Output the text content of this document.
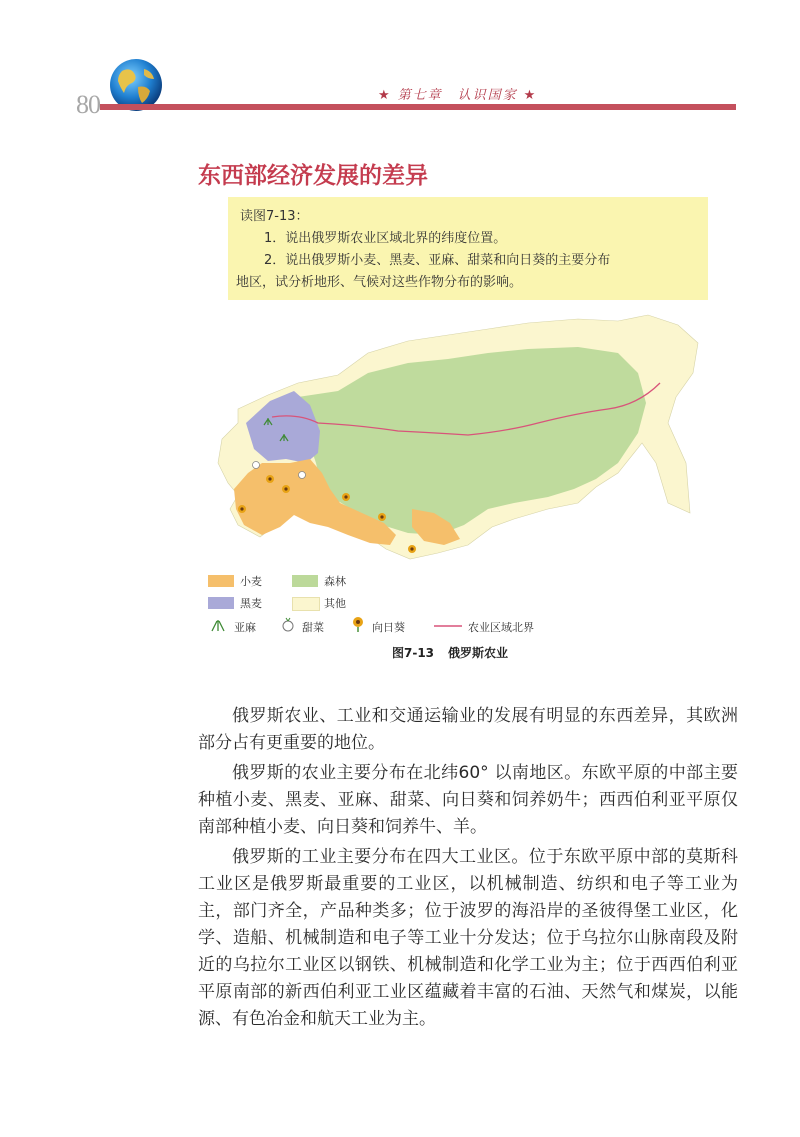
80	★ 第七章　认识国家 ★
东西部经济发展的差异

读图7-13：

1．说出俄罗斯农业区域北界的纬度位置。

2．说出俄罗斯小麦、黑麦、亚麻、甜菜和向日葵的主要分布

地区，试分析地形、气候对这些作物分布的影响。

小麦	森林
黑麦	其他
亚麻	甜菜	向日葵	农业区域北界
图7-13 俄罗斯农业

俄罗斯农业、工业和交通运输业的发展有明显的东西差异，其欧洲部分占有更重要的地位。

俄罗斯的农业主要分布在北纬60° 以南地区。东欧平原的中部主要种植小麦、黑麦、亚麻、甜菜、向日葵和饲养奶牛；西西伯利亚平原仅南部种植小麦、向日葵和饲养牛、羊。

俄罗斯的工业主要分布在四大工业区。位于东欧平原中部的莫斯科工业区是俄罗斯最重要的工业区，以机械制造、纺织和电子等工业为主，部门齐全，产品种类多；位于波罗的海沿岸的圣彼得堡工业区，化学、造船、机械制造和电子等工业十分发达；位于乌拉尔山脉南段及附近的乌拉尔工业区以钢铁、机械制造和化学工业为主；位于西西伯利亚平原南部的新西伯利亚工业区蕴藏着丰富的石油、天然气和煤炭，以能源、有色冶金和航天工业为主。
